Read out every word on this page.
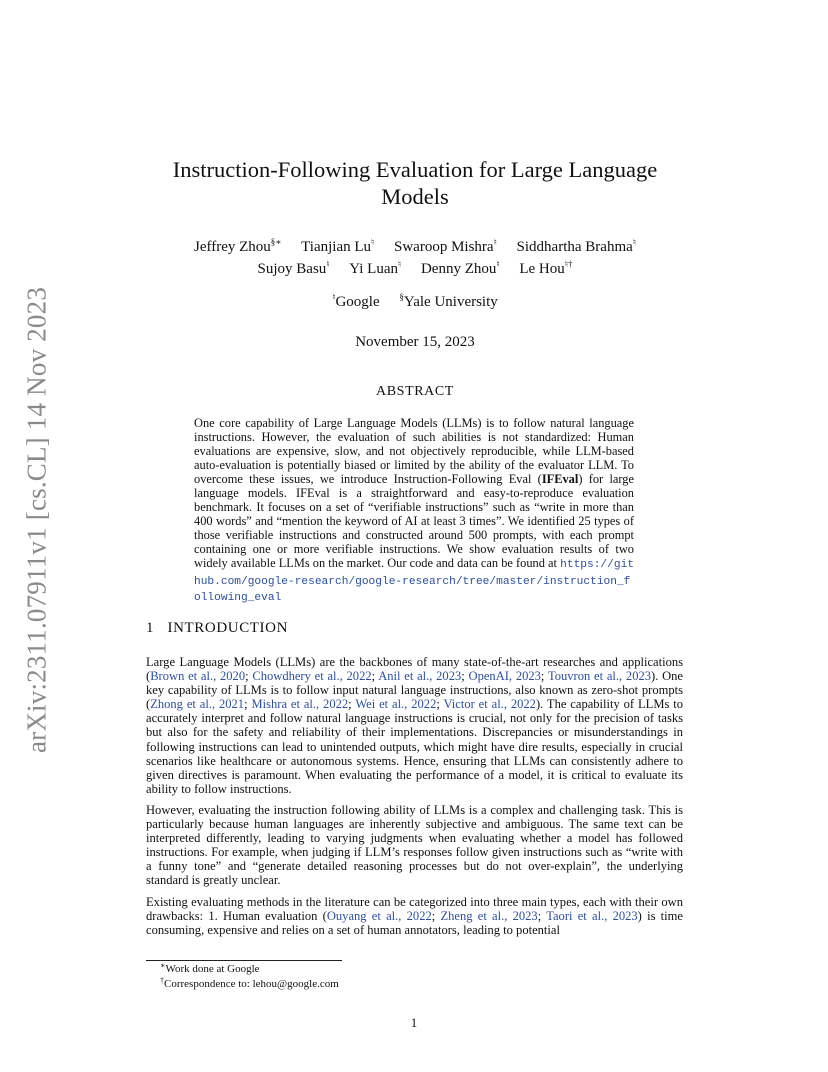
arXiv:2311.07911v1 [cs.CL] 14 Nov 2023
Instruction-Following Evaluation for Large Language Models
Jeffrey Zhou§∗ Tianjian Lu♮ Swaroop Mishra♮ Siddhartha Brahma♮
Sujoy Basu♮ Yi Luan♮ Denny Zhou♮ Le Hou♮†
♮Google §Yale University
November 15, 2023
ABSTRACT
One core capability of Large Language Models (LLMs) is to follow natural language instructions. However, the evaluation of such abilities is not standardized: Human evaluations are expensive, slow, and not objectively reproducible, while LLM-based auto-evaluation is potentially biased or limited by the ability of the evaluator LLM. To overcome these issues, we introduce Instruction-Following Eval (IFEval) for large language models. IFEval is a straightforward and easy-to-reproduce evaluation benchmark. It focuses on a set of “verifiable instructions” such as “write in more than 400 words” and “mention the keyword of AI at least 3 times”. We identified 25 types of those verifiable instructions and constructed around 500 prompts, with each prompt containing one or more verifiable instructions. We show evaluation results of two widely available LLMs on the market. Our code and data can be found at https://github.com/google-research/google-research/tree/master/instruction_following_eval
1 INTRODUCTION

Large Language Models (LLMs) are the backbones of many state-of-the-art researches and applications (Brown et al., 2020; Chowdhery et al., 2022; Anil et al., 2023; OpenAI, 2023; Touvron et al., 2023). One key capability of LLMs is to follow input natural language instructions, also known as zero-shot prompts (Zhong et al., 2021; Mishra et al., 2022; Wei et al., 2022; Victor et al., 2022). The capability of LLMs to accurately interpret and follow natural language instructions is crucial, not only for the precision of tasks but also for the safety and reliability of their implementations. Discrepancies or misunderstandings in following instructions can lead to unintended outputs, which might have dire results, especially in crucial scenarios like healthcare or autonomous systems. Hence, ensuring that LLMs can consistently adhere to given directives is paramount. When evaluating the performance of a model, it is critical to evaluate its ability to follow instructions.

However, evaluating the instruction following ability of LLMs is a complex and challenging task. This is particularly because human languages are inherently subjective and ambiguous. The same text can be interpreted differently, leading to varying judgments when evaluating whether a model has followed instructions. For example, when judging if LLM’s responses follow given instructions such as “write with a funny tone” and “generate detailed reasoning processes but do not over-explain”, the underlying standard is greatly unclear.

Existing evaluating methods in the literature can be categorized into three main types, each with their own drawbacks: 1. Human evaluation (Ouyang et al., 2022; Zheng et al., 2023; Taori et al., 2023) is time consuming, expensive and relies on a set of human annotators, leading to potential

∗Work done at Google
†Correspondence to: lehou@google.com
1
